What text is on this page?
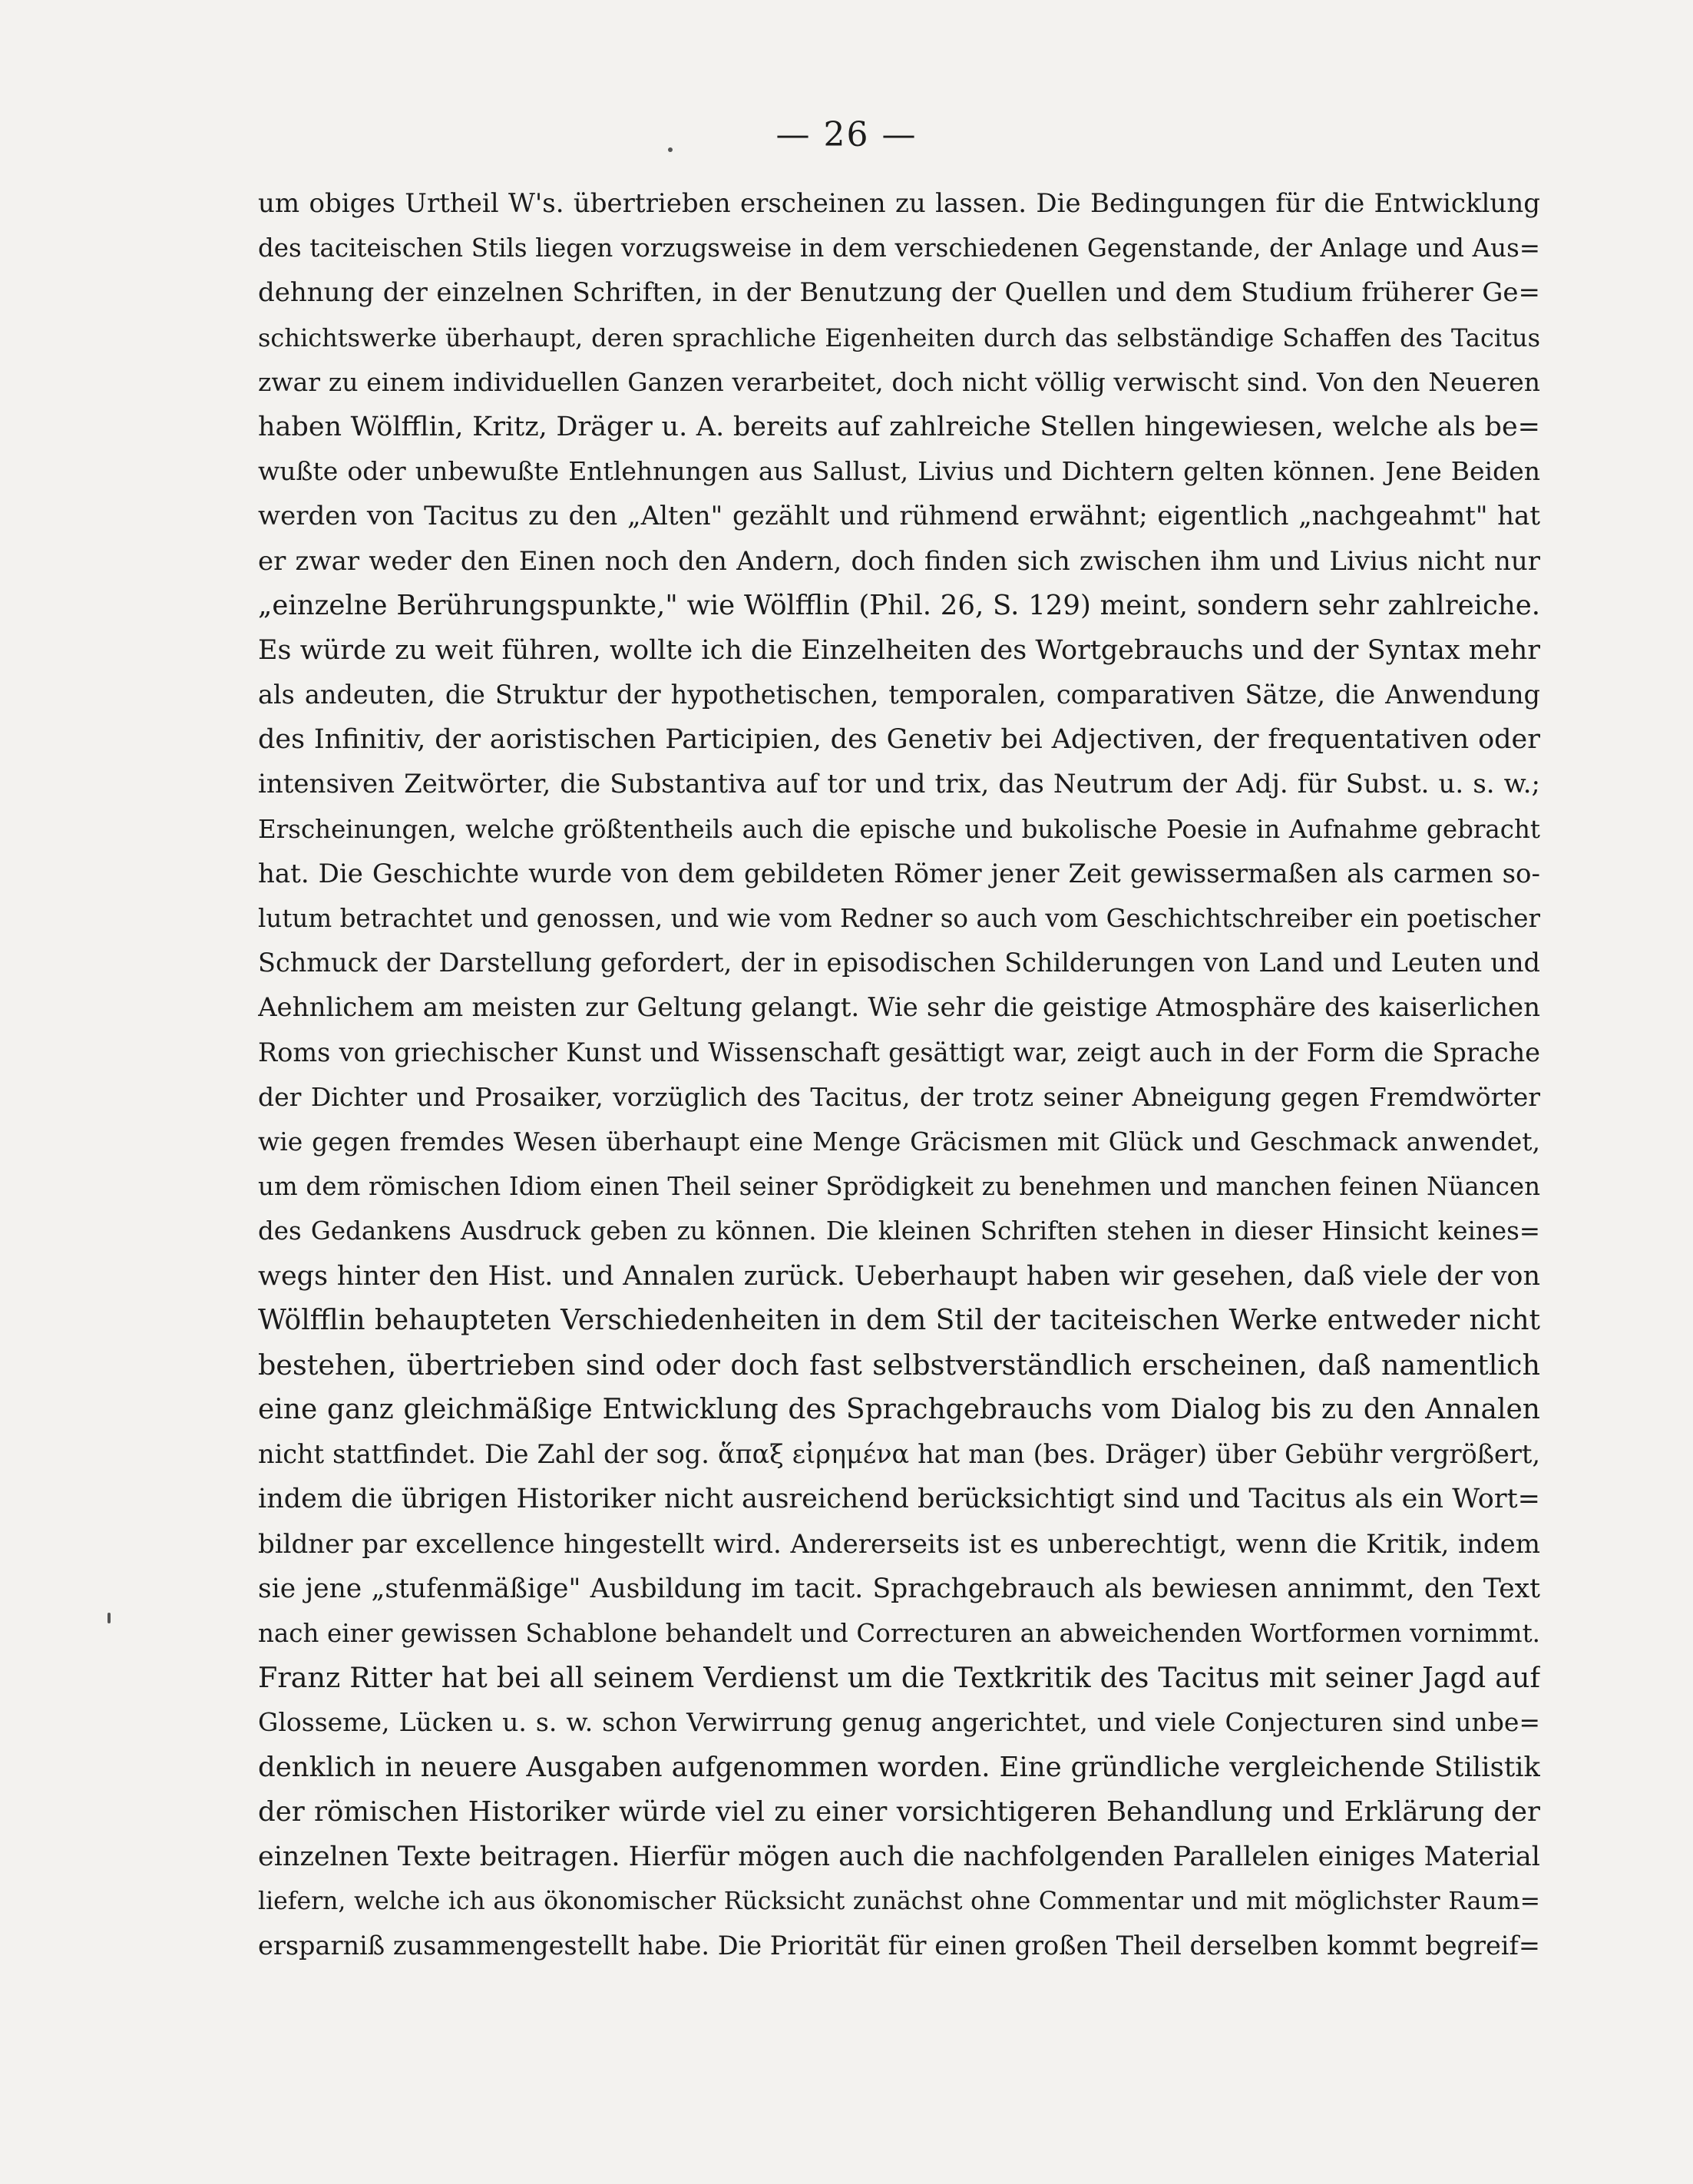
— 26 —
um obiges Urtheil W's. übertrieben erscheinen zu lassen. Die Bedingungen für die Entwicklung
des taciteischen Stils liegen vorzugsweise in dem verschiedenen Gegenstande, der Anlage und Aus=
dehnung der einzelnen Schriften, in der Benutzung der Quellen und dem Studium früherer Ge=
schichtswerke überhaupt, deren sprachliche Eigenheiten durch das selbständige Schaffen des Tacitus
zwar zu einem individuellen Ganzen verarbeitet, doch nicht völlig verwischt sind. Von den Neueren
haben Wölfflin, Kritz, Dräger u. A. bereits auf zahlreiche Stellen hingewiesen, welche als be=
wußte oder unbewußte Entlehnungen aus Sallust, Livius und Dichtern gelten können. Jene Beiden
werden von Tacitus zu den „Alten" gezählt und rühmend erwähnt; eigentlich „nachgeahmt" hat
er zwar weder den Einen noch den Andern, doch finden sich zwischen ihm und Livius nicht nur
„einzelne Berührungspunkte," wie Wölfflin (Phil. 26, S. 129) meint, sondern sehr zahlreiche.
Es würde zu weit führen, wollte ich die Einzelheiten des Wortgebrauchs und der Syntax mehr
als andeuten, die Struktur der hypothetischen, temporalen, comparativen Sätze, die Anwendung
des Infinitiv, der aoristischen Participien, des Genetiv bei Adjectiven, der frequentativen oder
intensiven Zeitwörter, die Substantiva auf tor und trix, das Neutrum der Adj. für Subst. u. s. w.;
Erscheinungen, welche größtentheils auch die epische und bukolische Poesie in Aufnahme gebracht
hat. Die Geschichte wurde von dem gebildeten Römer jener Zeit gewissermaßen als carmen so-
lutum betrachtet und genossen, und wie vom Redner so auch vom Geschichtschreiber ein poetischer
Schmuck der Darstellung gefordert, der in episodischen Schilderungen von Land und Leuten und
Aehnlichem am meisten zur Geltung gelangt. Wie sehr die geistige Atmosphäre des kaiserlichen
Roms von griechischer Kunst und Wissenschaft gesättigt war, zeigt auch in der Form die Sprache
der Dichter und Prosaiker, vorzüglich des Tacitus, der trotz seiner Abneigung gegen Fremdwörter
wie gegen fremdes Wesen überhaupt eine Menge Gräcismen mit Glück und Geschmack anwendet,
um dem römischen Idiom einen Theil seiner Sprödigkeit zu benehmen und manchen feinen Nüancen
des Gedankens Ausdruck geben zu können. Die kleinen Schriften stehen in dieser Hinsicht keines=
wegs hinter den Hist. und Annalen zurück. Ueberhaupt haben wir gesehen, daß viele der von
Wölfflin behaupteten Verschiedenheiten in dem Stil der taciteischen Werke entweder nicht
bestehen, übertrieben sind oder doch fast selbstverständlich erscheinen, daß namentlich
eine ganz gleichmäßige Entwicklung des Sprachgebrauchs vom Dialog bis zu den Annalen
nicht stattfindet. Die Zahl der sog. ἅπαξ εἰρημένα hat man (bes. Dräger) über Gebühr vergrößert,
indem die übrigen Historiker nicht ausreichend berücksichtigt sind und Tacitus als ein Wort=
bildner par excellence hingestellt wird. Andererseits ist es unberechtigt, wenn die Kritik, indem
sie jene „stufenmäßige" Ausbildung im tacit. Sprachgebrauch als bewiesen annimmt, den Text
nach einer gewissen Schablone behandelt und Correcturen an abweichenden Wortformen vornimmt.
Franz Ritter hat bei all seinem Verdienst um die Textkritik des Tacitus mit seiner Jagd auf
Glosseme, Lücken u. s. w. schon Verwirrung genug angerichtet, und viele Conjecturen sind unbe=
denklich in neuere Ausgaben aufgenommen worden. Eine gründliche vergleichende Stilistik
der römischen Historiker würde viel zu einer vorsichtigeren Behandlung und Erklärung der
einzelnen Texte beitragen. Hierfür mögen auch die nachfolgenden Parallelen einiges Material
liefern, welche ich aus ökonomischer Rücksicht zunächst ohne Commentar und mit möglichster Raum=
ersparniß zusammengestellt habe. Die Priorität für einen großen Theil derselben kommt begreif=
